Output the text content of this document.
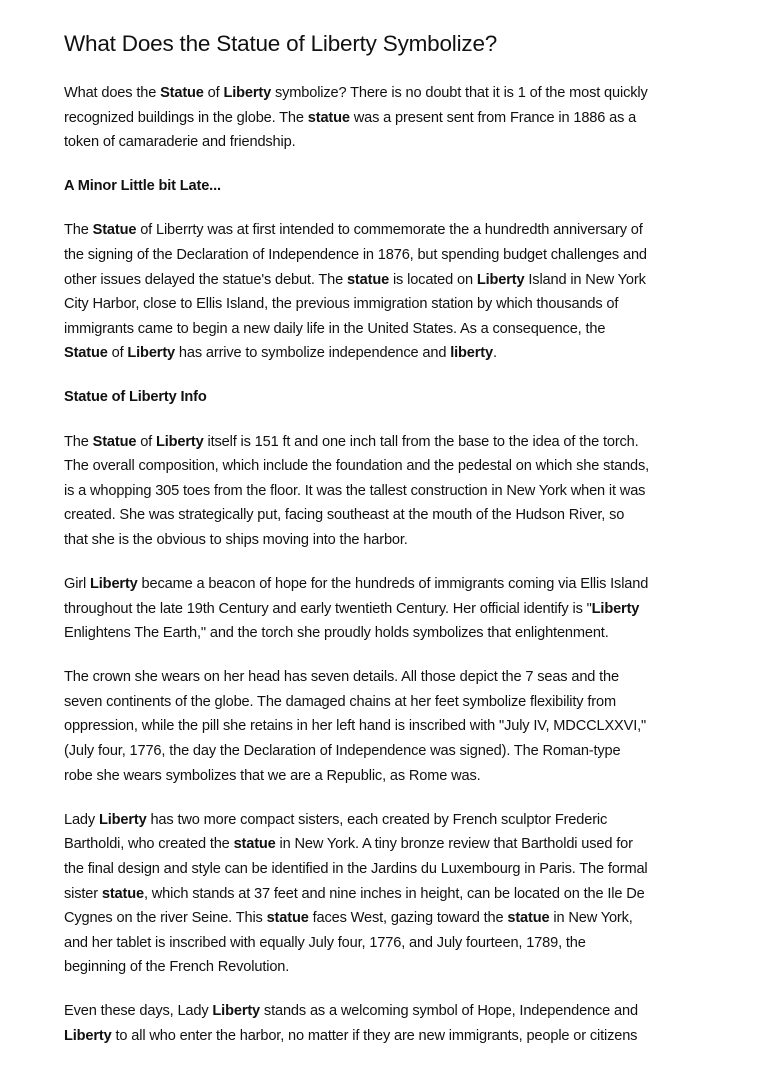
What Does the Statue of Liberty Symbolize?
What does the Statue of Liberty symbolize? There is no doubt that it is 1 of the most quickly
recognized buildings in the globe. The statue was a present sent from France in 1886 as a
token of camaraderie and friendship.
A Minor Little bit Late...
The Statue of Liberrty was at first intended to commemorate the a hundredth anniversary of
the signing of the Declaration of Independence in 1876, but spending budget challenges and
other issues delayed the statue's debut. The statue is located on Liberty Island in New York
City Harbor, close to Ellis Island, the previous immigration station by which thousands of
immigrants came to begin a new daily life in the United States. As a consequence, the
Statue of Liberty has arrive to symbolize independence and liberty.
Statue of Liberty Info
The Statue of Liberty itself is 151 ft and one inch tall from the base to the idea of the torch.
The overall composition, which include the foundation and the pedestal on which she stands,
is a whopping 305 toes from the floor. It was the tallest construction in New York when it was
created. She was strategically put, facing southeast at the mouth of the Hudson River, so
that she is the obvious to ships moving into the harbor.
Girl Liberty became a beacon of hope for the hundreds of immigrants coming via Ellis Island
throughout the late 19th Century and early twentieth Century. Her official identify is "Liberty
Enlightens The Earth," and the torch she proudly holds symbolizes that enlightenment.
The crown she wears on her head has seven details. All those depict the 7 seas and the
seven continents of the globe. The damaged chains at her feet symbolize flexibility from
oppression, while the pill she retains in her left hand is inscribed with "July IV, MDCCLXXVI,"
(July four, 1776, the day the Declaration of Independence was signed). The Roman-type
robe she wears symbolizes that we are a Republic, as Rome was.
Lady Liberty has two more compact sisters, each created by French sculptor Frederic
Bartholdi, who created the statue in New York. A tiny bronze review that Bartholdi used for
the final design and style can be identified in the Jardins du Luxembourg in Paris. The formal
sister statue, which stands at 37 feet and nine inches in height, can be located on the Ile De
Cygnes on the river Seine. This statue faces West, gazing toward the statue in New York,
and her tablet is inscribed with equally July four, 1776, and July fourteen, 1789, the
beginning of the French Revolution.
Even these days, Lady Liberty stands as a welcoming symbol of Hope, Independence and
Liberty to all who enter the harbor, no matter if they are new immigrants, people or citizens
